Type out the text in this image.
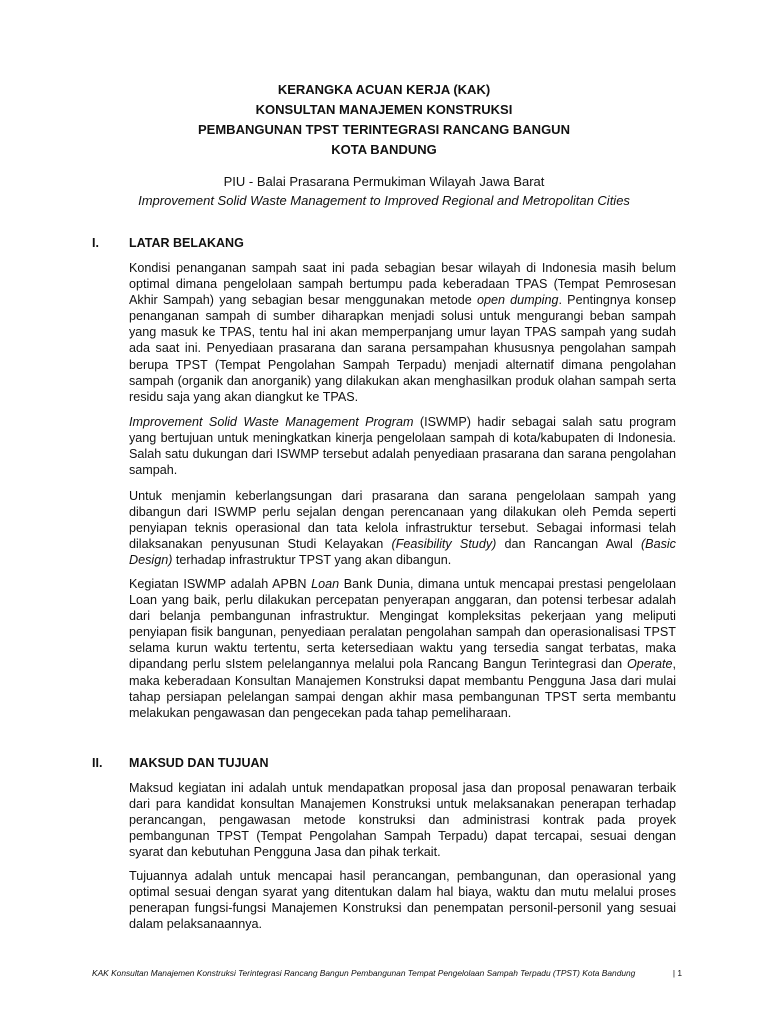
KERANGKA ACUAN KERJA (KAK)
KONSULTAN MANAJEMEN KONSTRUKSI
PEMBANGUNAN TPST TERINTEGRASI RANCANG BANGUN
KOTA BANDUNG
PIU - Balai Prasarana Permukiman Wilayah Jawa Barat
Improvement Solid Waste Management to Improved Regional and Metropolitan Cities
I. LATAR BELAKANG

Kondisi penanganan sampah saat ini pada sebagian besar wilayah di Indonesia masih belum optimal dimana pengelolaan sampah bertumpu pada keberadaan TPAS (Tempat Pemrosesan Akhir Sampah) yang sebagian besar menggunakan metode open dumping. Pentingnya konsep penanganan sampah di sumber diharapkan menjadi solusi untuk mengurangi beban sampah yang masuk ke TPAS, tentu hal ini akan memperpanjang umur layan TPAS sampah yang sudah ada saat ini. Penyediaan prasarana dan sarana persampahan khususnya pengolahan sampah berupa TPST (Tempat Pengolahan Sampah Terpadu) menjadi alternatif dimana pengolahan sampah (organik dan anorganik) yang dilakukan akan menghasilkan produk olahan sampah serta residu saja yang akan diangkut ke TPAS.

Improvement Solid Waste Management Program (ISWMP) hadir sebagai salah satu program yang bertujuan untuk meningkatkan kinerja pengelolaan sampah di kota/kabupaten di Indonesia. Salah satu dukungan dari ISWMP tersebut adalah penyediaan prasarana dan sarana pengolahan sampah.

Untuk menjamin keberlangsungan dari prasarana dan sarana pengelolaan sampah yang dibangun dari ISWMP perlu sejalan dengan perencanaan yang dilakukan oleh Pemda seperti penyiapan teknis operasional dan tata kelola infrastruktur tersebut. Sebagai informasi telah dilaksanakan penyusunan Studi Kelayakan (Feasibility Study) dan Rancangan Awal (Basic Design) terhadap infrastruktur TPST yang akan dibangun.

Kegiatan ISWMP adalah APBN Loan Bank Dunia, dimana untuk mencapai prestasi pengelolaan Loan yang baik, perlu dilakukan percepatan penyerapan anggaran, dan potensi terbesar adalah dari belanja pembangunan infrastruktur. Mengingat kompleksitas pekerjaan yang meliputi penyiapan fisik bangunan, penyediaan peralatan pengolahan sampah dan operasionalisasi TPST selama kurun waktu tertentu, serta ketersediaan waktu yang tersedia sangat terbatas, maka dipandang perlu sIstem pelelangannya melalui pola Rancang Bangun Terintegrasi dan Operate, maka keberadaan Konsultan Manajemen Konstruksi dapat membantu Pengguna Jasa dari mulai tahap persiapan pelelangan sampai dengan akhir masa pembangunan TPST serta membantu melakukan pengawasan dan pengecekan pada tahap pemeliharaan.

II. MAKSUD DAN TUJUAN

Maksud kegiatan ini adalah untuk mendapatkan proposal jasa dan proposal penawaran terbaik dari para kandidat konsultan Manajemen Konstruksi untuk melaksanakan penerapan terhadap perancangan, pengawasan metode konstruksi dan administrasi kontrak pada proyek pembangunan TPST (Tempat Pengolahan Sampah Terpadu) dapat tercapai, sesuai dengan syarat dan kebutuhan Pengguna Jasa dan pihak terkait.

Tujuannya adalah untuk mencapai hasil perancangan, pembangunan, dan operasional yang optimal sesuai dengan syarat yang ditentukan dalam hal biaya, waktu dan mutu melalui proses penerapan fungsi-fungsi Manajemen Konstruksi dan penempatan personil-personil yang sesuai dalam pelaksanaannya.

KAK Konsultan Manajemen Konstruksi Terintegrasi Rancang Bangun Pembangunan Tempat Pengelolaan Sampah Terpadu (TPST) Kota Bandung	| 1
